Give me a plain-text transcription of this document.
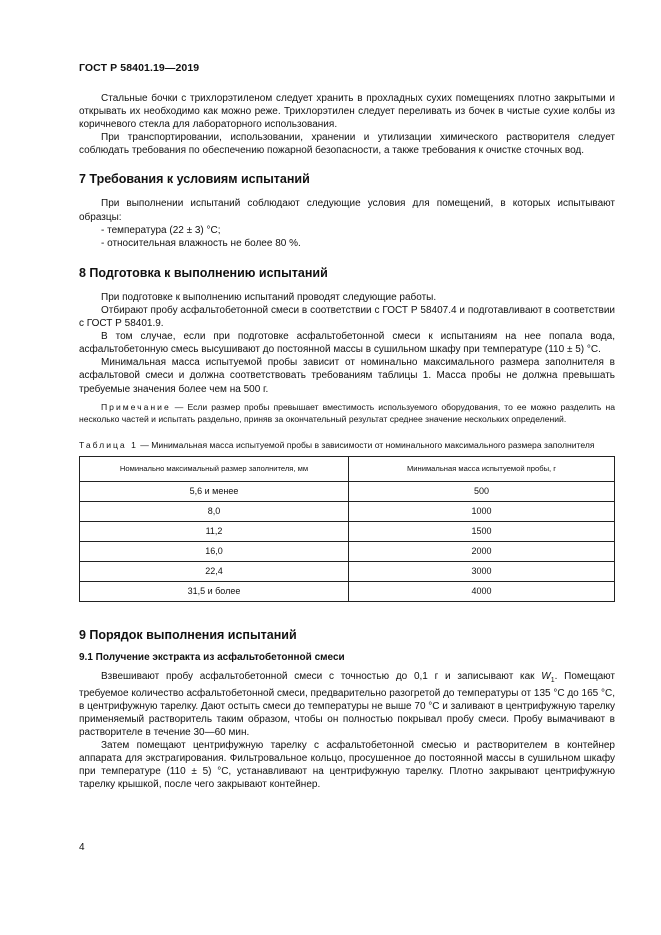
ГОСТ Р 58401.19—2019

Стальные бочки с трихлорэтиленом следует хранить в прохладных сухих помещениях плотно закрытыми и открывать их необходимо как можно реже. Трихлорэтилен следует переливать из бочек в чистые сухие колбы из коричневого стекла для лабораторного использования.

При транспортировании, использовании, хранении и утилизации химического растворителя следует соблюдать требования по обеспечению пожарной безопасности, а также требования к очистке сточных вод.

7 Требования к условиям испытаний

При выполнении испытаний соблюдают следующие условия для помещений, в которых испытывают образцы:

- температура (22 ± 3) °С;

- относительная влажность не более 80 %.

8 Подготовка к выполнению испытаний

При подготовке к выполнению испытаний проводят следующие работы.

Отбирают пробу асфальтобетонной смеси в соответствии с ГОСТ Р 58407.4 и подготавливают в соответствии с ГОСТ Р 58401.9.

В том случае, если при подготовке асфальтобетонной смеси к испытаниям на нее попала вода, асфальтобетонную смесь высушивают до постоянной массы в сушильном шкафу при температуре (110 ± 5) °С.

Минимальная масса испытуемой пробы зависит от номинально максимального размера заполнителя в асфальтовой смеси и должна соответствовать требованиям таблицы 1. Масса пробы не должна превышать требуемые значения более чем на 500 г.

Примечание — Если размер пробы превышает вместимость используемого оборудования, то ее можно разделить на несколько частей и испытать раздельно, приняв за окончательный результат среднее значение нескольких определений.

Таблица 1 — Минимальная масса испытуемой пробы в зависимости от номинального максимального размера заполнителя

Номинально максимальный размер заполнителя, мм	Минимальная масса испытуемой пробы, г
5,6 и менее	500
8,0	1000
11,2	1500
16,0	2000
22,4	3000
31,5 и более	4000
9 Порядок выполнения испытаний
9.1 Получение экстракта из асфальтобетонной смеси

Взвешивают пробу асфальтобетонной смеси с точностью до 0,1 г и записывают как $W_1$. Помещают требуемое количество асфальтобетонной смеси, предварительно разогретой до температуры от 135 °С до 165 °С, в центрифужную тарелку. Дают остыть смеси до температуры не выше 70 °С и заливают в центрифужную тарелку применяемый растворитель таким образом, чтобы он полностью покрывал пробу смеси. Пробу вымачивают в растворителе в течение 30—60 мин.

Затем помещают центрифужную тарелку с асфальтобетонной смесью и растворителем в контейнер аппарата для экстрагирования. Фильтровальное кольцо, просушенное до постоянной массы в сушильном шкафу при температуре (110 ± 5) °С, устанавливают на центрифужную тарелку. Плотно закрывают центрифужную тарелку крышкой, после чего закрывают контейнер.

4
